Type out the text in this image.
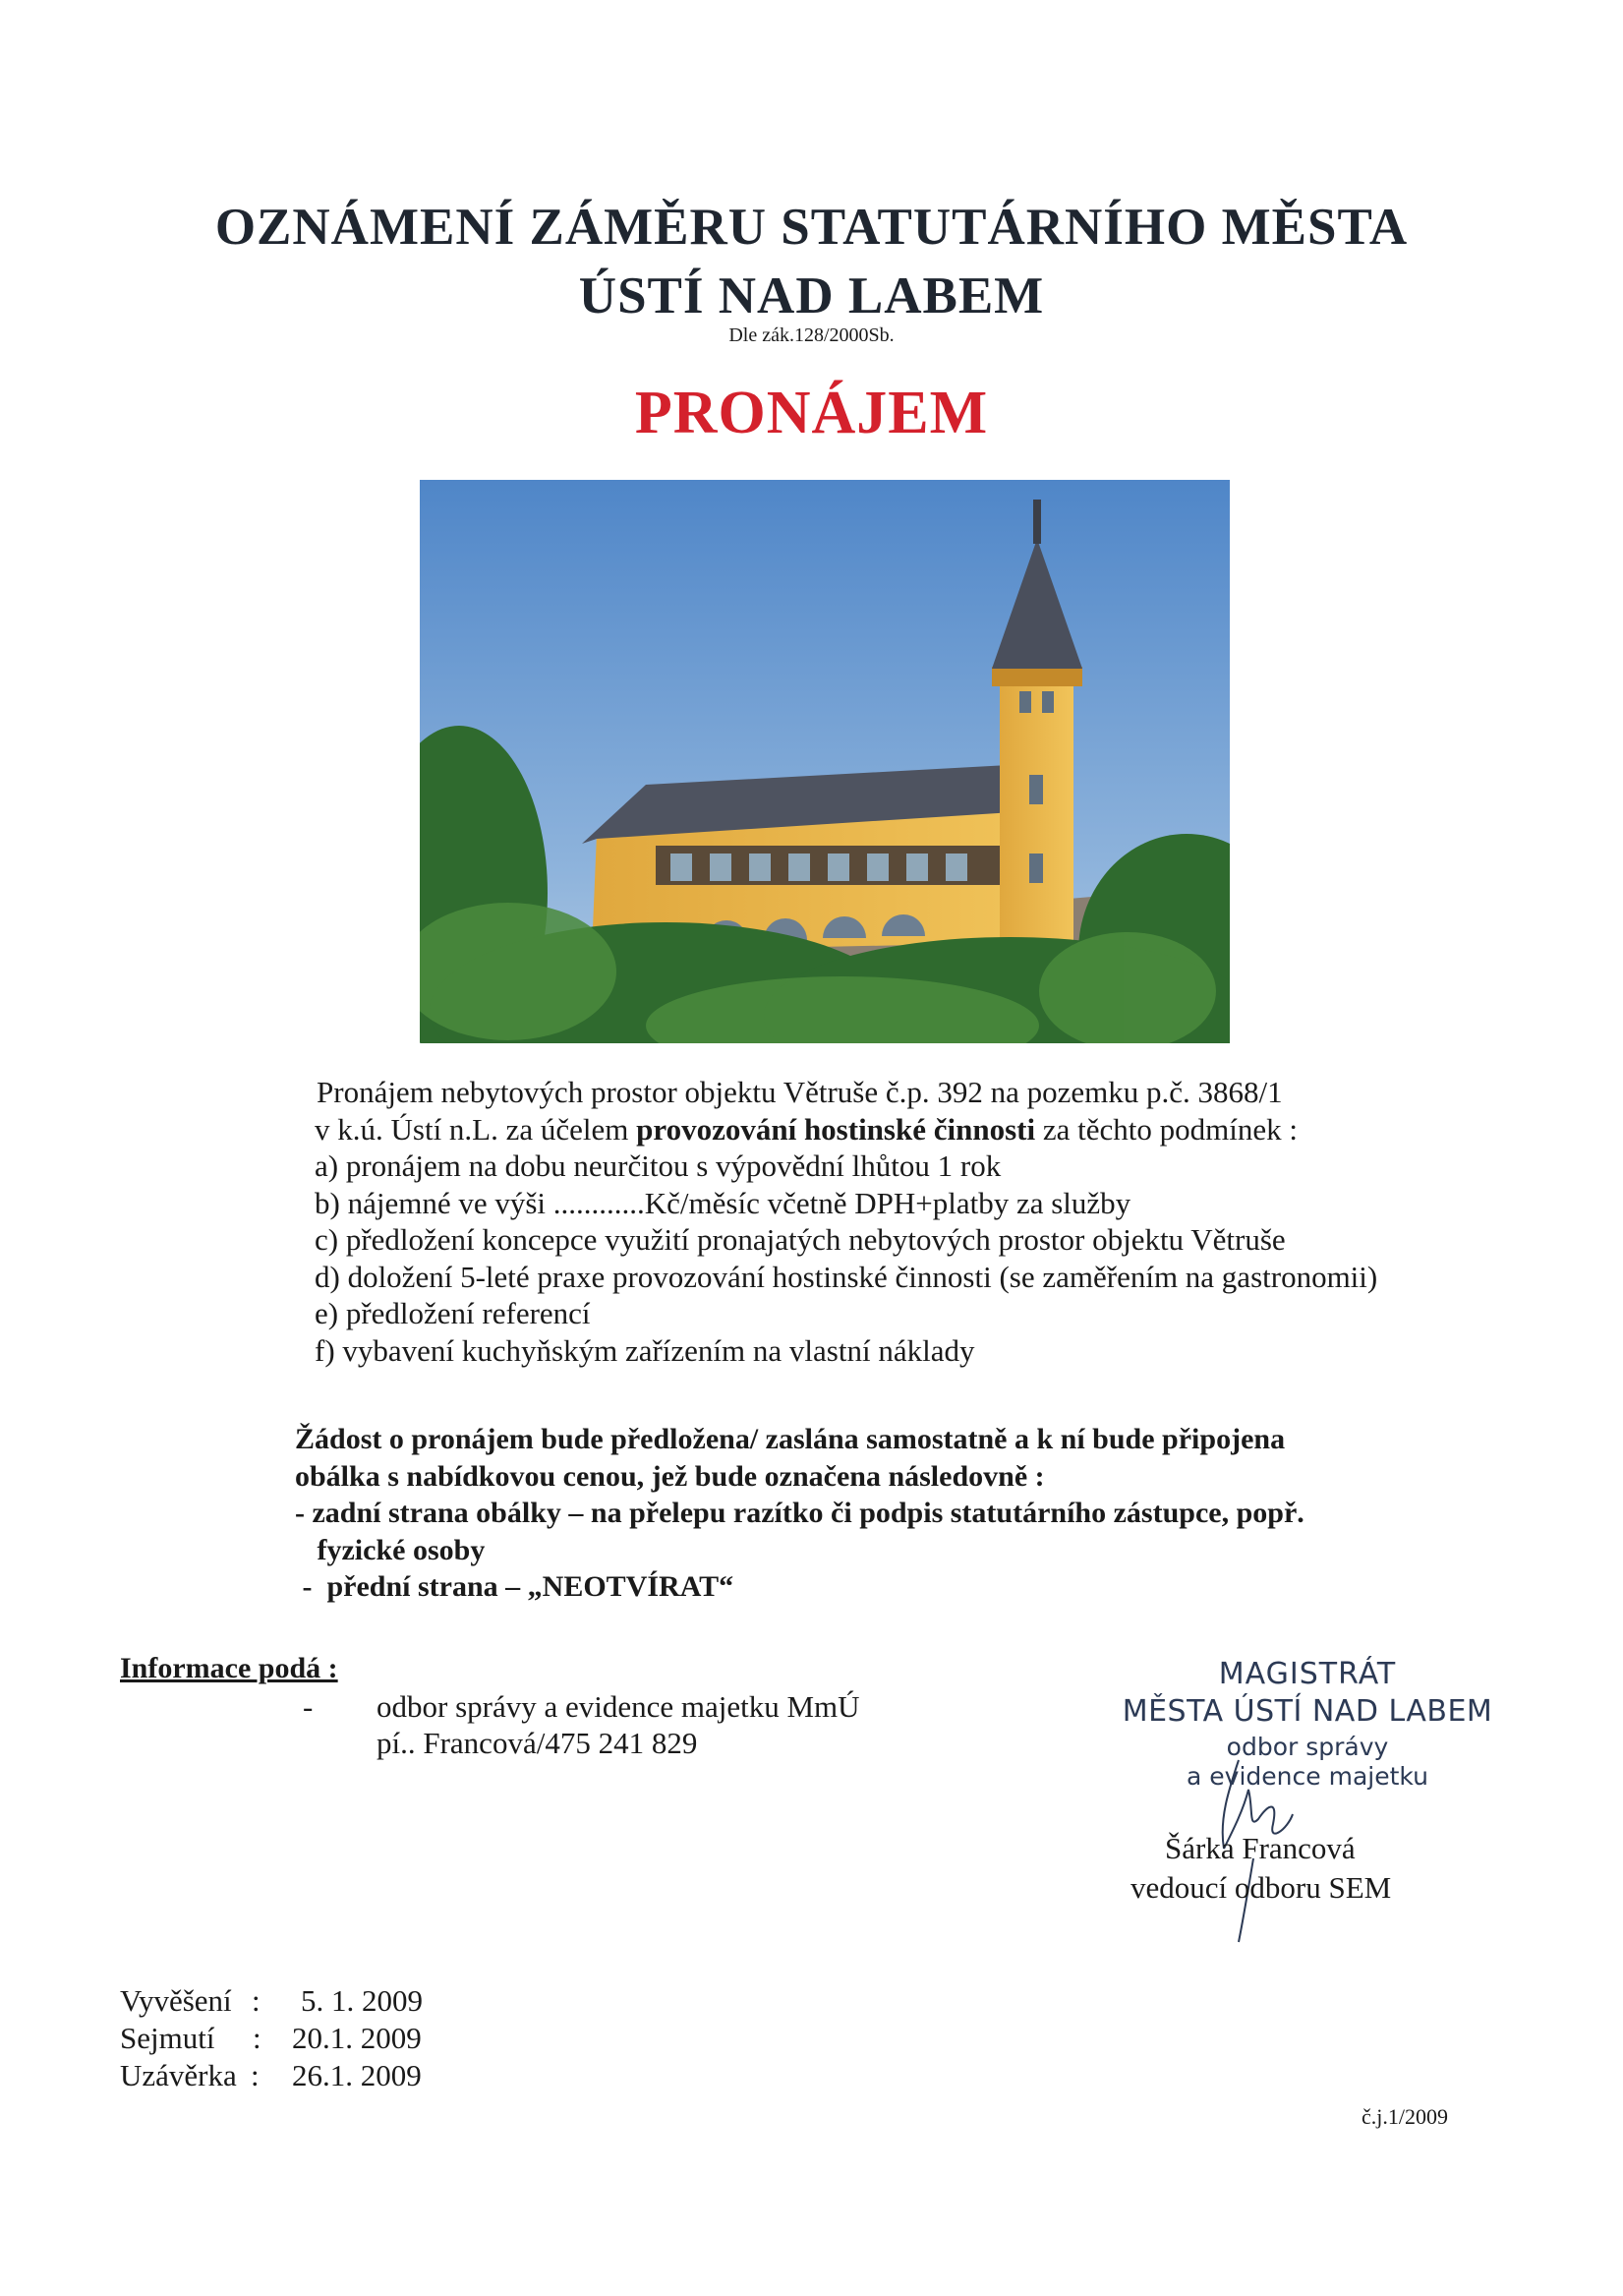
OZNÁMENÍ ZÁMĚRU STATUTÁRNÍHO MĚSTA
ÚSTÍ NAD LABEM
Dle zák.128/2000Sb.
PRONÁJEM
Pronájem nebytových prostor objektu Větruše č.p. 392 na pozemku p.č. 3868/1
v k.ú. Ústí n.L. za účelem provozování hostinské činnosti za těchto podmínek :
a) pronájem na dobu neurčitou s výpovědní lhůtou 1 rok
b) nájemné ve výši ............Kč/měsíc včetně DPH+platby za služby
c) předložení koncepce využití pronajatých nebytových prostor objektu Větruše
d) doložení 5-leté praxe provozování hostinské činnosti (se zaměřením na gastronomii)
e) předložení referencí
f) vybavení kuchyňským zařízením na vlastní náklady
Žádost o pronájem bude předložena/ zaslána samostatně a k ní bude připojena
obálka s nabídkovou cenou, jež bude označena následovně :
- zadní strana obálky – na přelepu razítko či podpis statutárního zástupce, popř.
fyzické osoby
-  přední strana – „NEOTVÍRAT“
Informace podá :
- odbor správy a evidence majetku MmÚ
pí.. Francová/475 241 829
MAGISTRÁT
MĚSTA ÚSTÍ NAD LABEM
odbor správy
a evidence majetku
Šárka Francová
vedoucí odboru SEM
Vyvěšení : 5. 1. 2009
Sejmutí : 20.1. 2009
Uzávěrka : 26.1. 2009
č.j.1/2009
